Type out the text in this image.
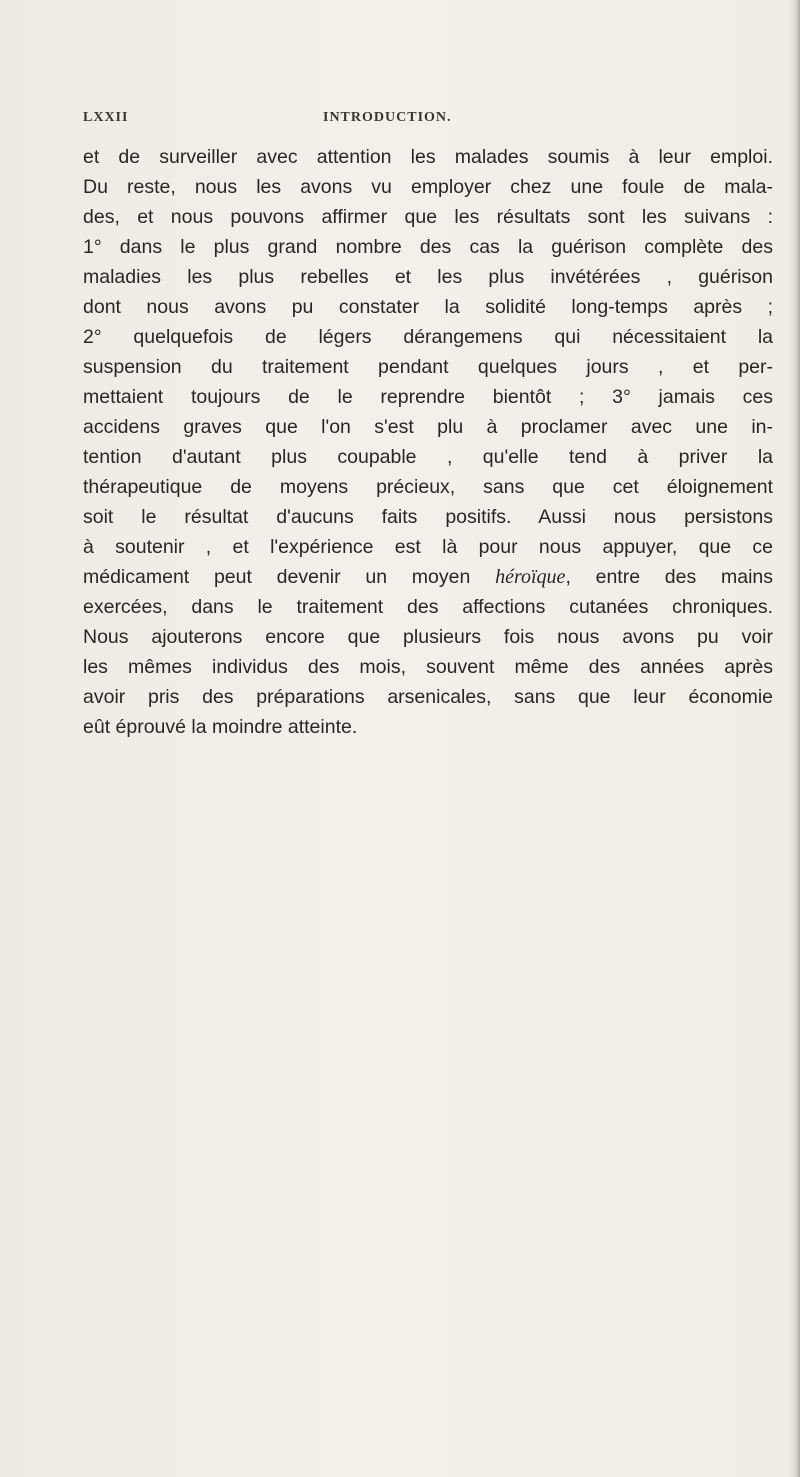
LXXII	INTRODUCTION.
et de surveiller avec attention les malades soumis à leur emploi.
Du reste, nous les avons vu employer chez une foule de mala-
des, et nous pouvons affirmer que les résultats sont les suivans :
1° dans le plus grand nombre des cas la guérison complète des
maladies les plus rebelles et les plus invétérées , guérison
dont nous avons pu constater la solidité long-temps après ;
2° quelquefois de légers dérangemens qui nécessitaient la
suspension du traitement pendant quelques jours , et per-
mettaient toujours de le reprendre bientôt ; 3° jamais ces
accidens graves que l'on s'est plu à proclamer avec une in-
tention d'autant plus coupable , qu'elle tend à priver la
thérapeutique de moyens précieux, sans que cet éloignement
soit le résultat d'aucuns faits positifs. Aussi nous persistons
à soutenir , et l'expérience est là pour nous appuyer, que ce
médicament peut devenir un moyen héroïque, entre des mains
exercées, dans le traitement des affections cutanées chroniques.
Nous ajouterons encore que plusieurs fois nous avons pu voir
les mêmes individus des mois, souvent même des années après
avoir pris des préparations arsenicales, sans que leur économie
eût éprouvé la moindre atteinte.
